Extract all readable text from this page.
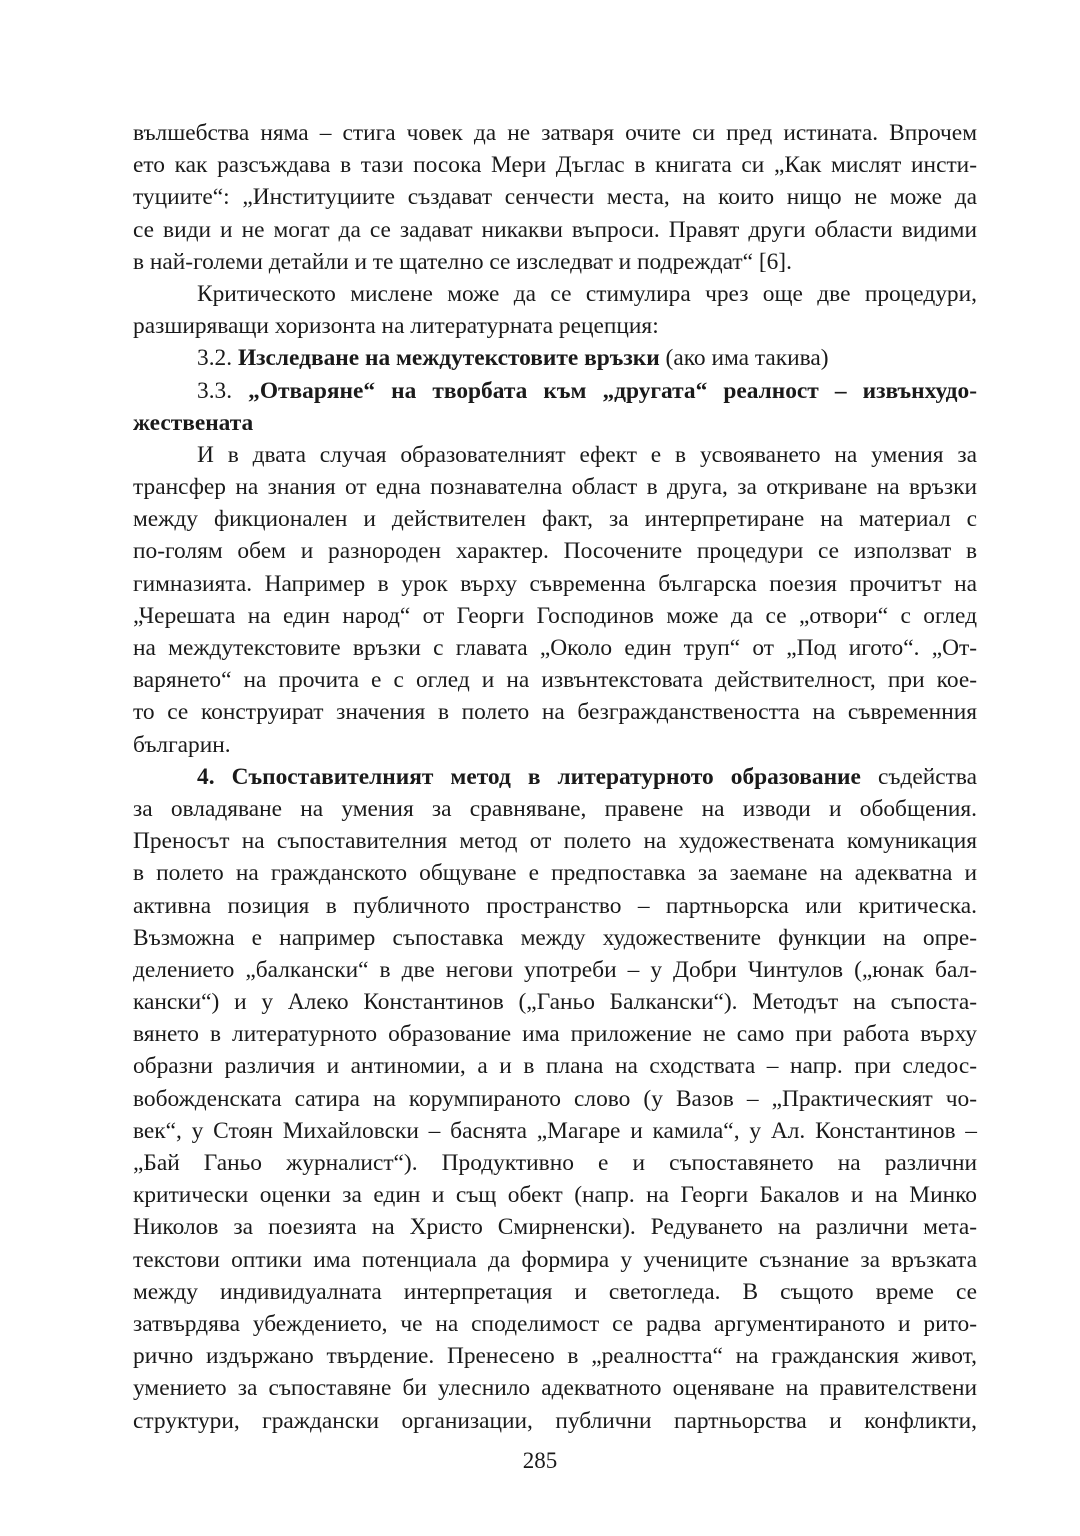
вълшебства няма – стига човек да не затваря очите си пред истината. Впрочем
ето как разсъждава в тази посока Мери Дъглас в книгата си „Как мислят инсти-
туциите“: „Институциите създават сенчести места, на които нищо не може да
се види и не могат да се задават никакви въпроси. Правят други области видими
в най-големи детайли и те щателно се изследват и подреждат“ [6].
Критическото мислене може да се стимулира чрез още две процедури,
разширяващи хоризонта на литературната рецепция:
3.2. Изследване на междутекстовите връзки (ако има такива)
3.3. „Отваряне“ на творбата към „другата“ реалност – извънхудо-
жествената
И в двата случая образователният ефект е в усвояването на умения за
трансфер на знания от една познавателна област в друга, за откриване на връзки
между фикционален и действителен факт, за интерпретиране на материал с
по-голям обем и разнороден характер. Посочените процедури се използват в
гимназията. Например в урок върху съвременна българска поезия прочитът на
„Черешата на един народ“ от Георги Господинов може да се „отвори“ с оглед
на междутекстовите връзки с главата „Около един труп“ от „Под игото“. „От-
варянето“ на прочита е с оглед и на извънтекстовата действителност, при кое-
то се конструират значения в полето на безгражданствеността на съвременния
българин.
4. Съпоставителният метод в литературното образование съдейства
за овладяване на умения за сравняване, правене на изводи и обобщения.
Преносът на съпоставителния метод от полето на художествената комуникация
в полето на гражданското общуване е предпоставка за заемане на адекватна и
активна позиция в публичното пространство – партньорска или критическа.
Възможна е например съпоставка между художествените функции на опре-
делението „балкански“ в две негови употреби – у Добри Чинтулов („юнак бал-
кански“) и у Алеко Константинов („Ганьо Балкански“). Методът на съпоста-
вянето в литературното образование има приложение не само при работа върху
образни различия и антиномии, а и в плана на сходствата – напр. при следос-
вобожденската сатира на корумпираното слово (у Вазов – „Практическият чо-
век“, у Стоян Михайловски – баснята „Магаре и камила“, у Ал. Константинов –
„Бай Ганьо журналист“). Продуктивно е и съпоставянето на различни
критически оценки за един и същ обект (напр. на Георги Бакалов и на Минко
Николов за поезията на Христо Смирненски). Редуването на различни мета-
текстови оптики има потенциала да формира у учениците съзнание за връзката
между индивидуалната интерпретация и светогледа. В същото време се
затвърдява убеждението, че на споделимост се радва аргументираното и рито-
рично издържано твърдение. Пренесено в „реалността“ на гражданския живот,
умението за съпоставяне би улеснило адекватното оценяване на правителствени
структури, граждански организации, публични партньорства и конфликти,
285
